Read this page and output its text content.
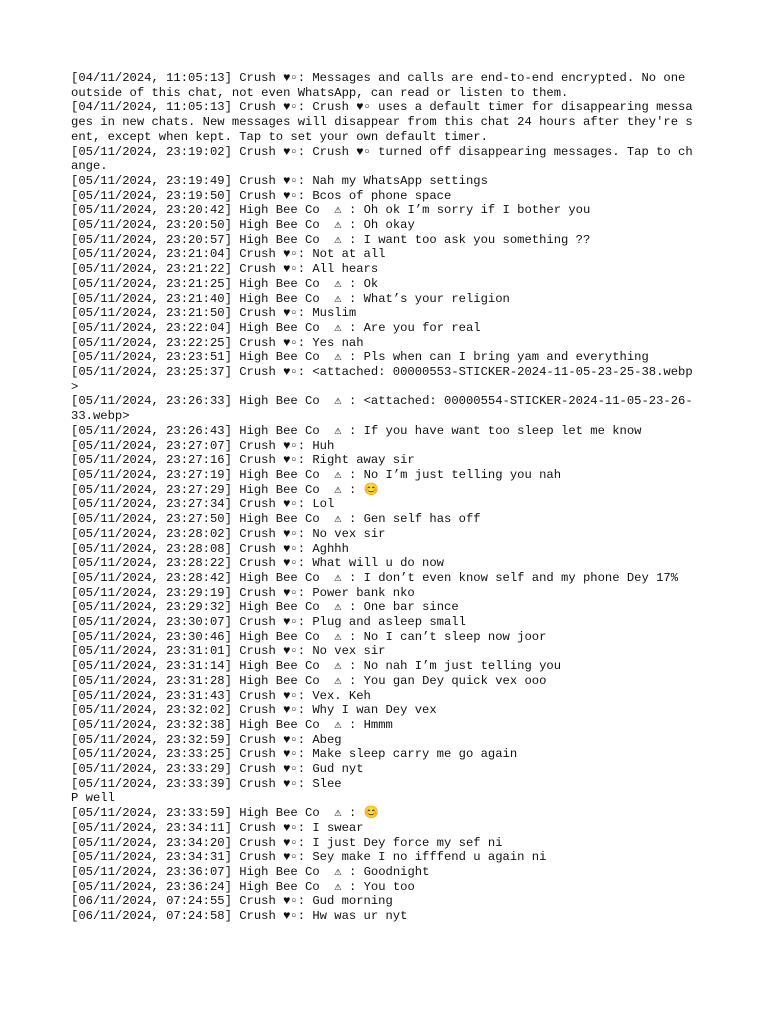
[04/11/2024, 11:05:13] Crush ♥︎▫: Messages and calls are end-to-end encrypted. No one outside of this chat, not even WhatsApp, can read or listen to them.
[04/11/2024, 11:05:13] Crush ♥︎▫: Crush ♥︎▫ uses a default timer for disappearing messages in new chats. New messages will disappear from this chat 24 hours after they're sent, except when kept. Tap to set your own default timer.
[05/11/2024, 23:19:02] Crush ♥︎▫: Crush ♥︎▫ turned off disappearing messages. Tap to change.
[05/11/2024, 23:19:49] Crush ♥︎▫: Nah my WhatsApp settings
[05/11/2024, 23:19:50] Crush ♥︎▫: Bcos of phone space
[05/11/2024, 23:20:42] High Bee Co  ⚠︎ : Oh ok I’m sorry if I bother you
[05/11/2024, 23:20:50] High Bee Co  ⚠︎ : Oh okay
[05/11/2024, 23:20:57] High Bee Co  ⚠︎ : I want too ask you something ??
[05/11/2024, 23:21:04] Crush ♥︎▫: Not at all
[05/11/2024, 23:21:22] Crush ♥︎▫: All hears
[05/11/2024, 23:21:25] High Bee Co  ⚠︎ : Ok
[05/11/2024, 23:21:40] High Bee Co  ⚠︎ : What’s your religion
[05/11/2024, 23:21:50] Crush ♥︎▫: Muslim
[05/11/2024, 23:22:04] High Bee Co  ⚠︎ : Are you for real
[05/11/2024, 23:22:25] Crush ♥︎▫: Yes nah
[05/11/2024, 23:23:51] High Bee Co  ⚠︎ : Pls when can I bring yam and everything
[05/11/2024, 23:25:37] Crush ♥︎▫: <attached: 00000553-STICKER-2024-11-05-23-25-38.webp>
[05/11/2024, 23:26:33] High Bee Co  ⚠︎ : <attached: 00000554-STICKER-2024-11-05-23-26-33.webp>
[05/11/2024, 23:26:43] High Bee Co  ⚠︎ : If you have want too sleep let me know
[05/11/2024, 23:27:07] Crush ♥︎▫: Huh
[05/11/2024, 23:27:16] Crush ♥︎▫: Right away sir
[05/11/2024, 23:27:19] High Bee Co  ⚠︎ : No I’m just telling you nah
[05/11/2024, 23:27:29] High Bee Co  ⚠︎ : 😊
[05/11/2024, 23:27:34] Crush ♥︎▫: Lol
[05/11/2024, 23:27:50] High Bee Co  ⚠︎ : Gen self has off
[05/11/2024, 23:28:02] Crush ♥︎▫: No vex sir
[05/11/2024, 23:28:08] Crush ♥︎▫: Aghhh
[05/11/2024, 23:28:22] Crush ♥︎▫: What will u do now
[05/11/2024, 23:28:42] High Bee Co  ⚠︎ : I don’t even know self and my phone Dey 17%
[05/11/2024, 23:29:19] Crush ♥︎▫: Power bank nko
[05/11/2024, 23:29:32] High Bee Co  ⚠︎ : One bar since
[05/11/2024, 23:30:07] Crush ♥︎▫: Plug and asleep small
[05/11/2024, 23:30:46] High Bee Co  ⚠︎ : No I can’t sleep now joor
[05/11/2024, 23:31:01] Crush ♥︎▫: No vex sir
[05/11/2024, 23:31:14] High Bee Co  ⚠︎ : No nah I’m just telling you
[05/11/2024, 23:31:28] High Bee Co  ⚠︎ : You gan Dey quick vex ooo
[05/11/2024, 23:31:43] Crush ♥︎▫: Vex. Keh
[05/11/2024, 23:32:02] Crush ♥︎▫: Why I wan Dey vex
[05/11/2024, 23:32:38] High Bee Co  ⚠︎ : Hmmm
[05/11/2024, 23:32:59] Crush ♥︎▫: Abeg
[05/11/2024, 23:33:25] Crush ♥︎▫: Make sleep carry me go again
[05/11/2024, 23:33:29] Crush ♥︎▫: Gud nyt
[05/11/2024, 23:33:39] Crush ♥︎▫: Slee
P well
[05/11/2024, 23:33:59] High Bee Co  ⚠︎ : 😊
[05/11/2024, 23:34:11] Crush ♥︎▫: I swear
[05/11/2024, 23:34:20] Crush ♥︎▫: I just Dey force my sef ni
[05/11/2024, 23:34:31] Crush ♥︎▫: Sey make I no ifffend u again ni
[05/11/2024, 23:36:07] High Bee Co  ⚠︎ : Goodnight
[05/11/2024, 23:36:24] High Bee Co  ⚠︎ : You too
[06/11/2024, 07:24:55] Crush ♥︎▫: Gud morning
[06/11/2024, 07:24:58] Crush ♥︎▫: Hw was ur nyt
